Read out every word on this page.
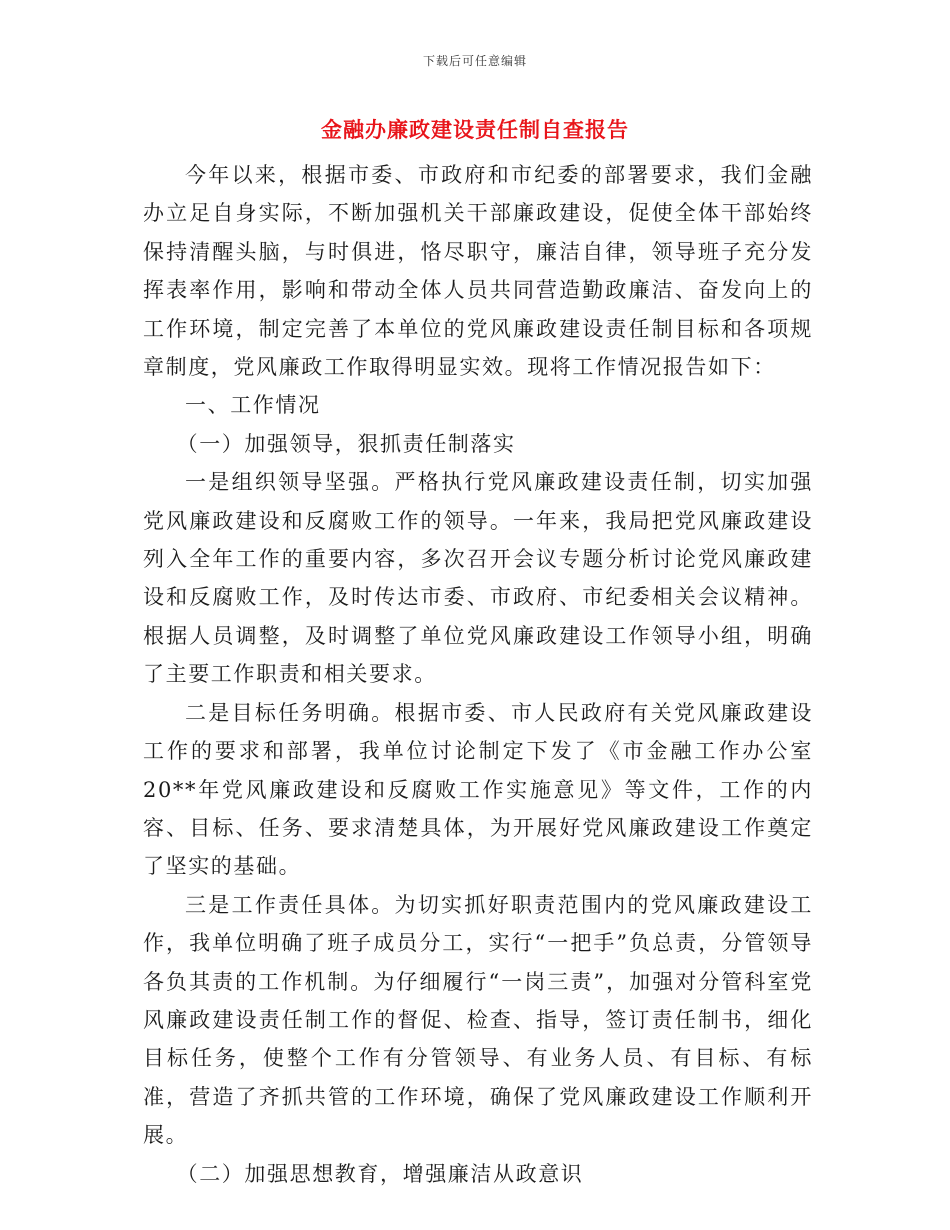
下载后可任意编辑
金融办廉政建设责任制自查报告

今年以来，根据市委、市政府和市纪委的部署要求，我们金融办立足自身实际，不断加强机关干部廉政建设，促使全体干部始终保持清醒头脑，与时俱进，恪尽职守，廉洁自律，领导班子充分发挥表率作用，影响和带动全体人员共同营造勤政廉洁、奋发向上的工作环境，制定完善了本单位的党风廉政建设责任制目标和各项规章制度，党风廉政工作取得明显实效。现将工作情况报告如下：

一、工作情况

（一）加强领导，狠抓责任制落实

一是组织领导坚强。严格执行党风廉政建设责任制，切实加强党风廉政建设和反腐败工作的领导。一年来，我局把党风廉政建设列入全年工作的重要内容，多次召开会议专题分析讨论党风廉政建设和反腐败工作，及时传达市委、市政府、市纪委相关会议精神。根据人员调整，及时调整了单位党风廉政建设工作领导小组，明确了主要工作职责和相关要求。

二是目标任务明确。根据市委、市人民政府有关党风廉政建设工作的要求和部署，我单位讨论制定下发了《市金融工作办公室20**年党风廉政建设和反腐败工作实施意见》等文件，工作的内容、目标、任务、要求清楚具体，为开展好党风廉政建设工作奠定了坚实的基础。

三是工作责任具体。为切实抓好职责范围内的党风廉政建设工作，我单位明确了班子成员分工，实行“一把手”负总责，分管领导各负其责的工作机制。为仔细履行“一岗三责”，加强对分管科室党风廉政建设责任制工作的督促、检查、指导，签订责任制书，细化目标任务，使整个工作有分管领导、有业务人员、有目标、有标准，营造了齐抓共管的工作环境，确保了党风廉政建设工作顺利开展。

（二）加强思想教育，增强廉洁从政意识
